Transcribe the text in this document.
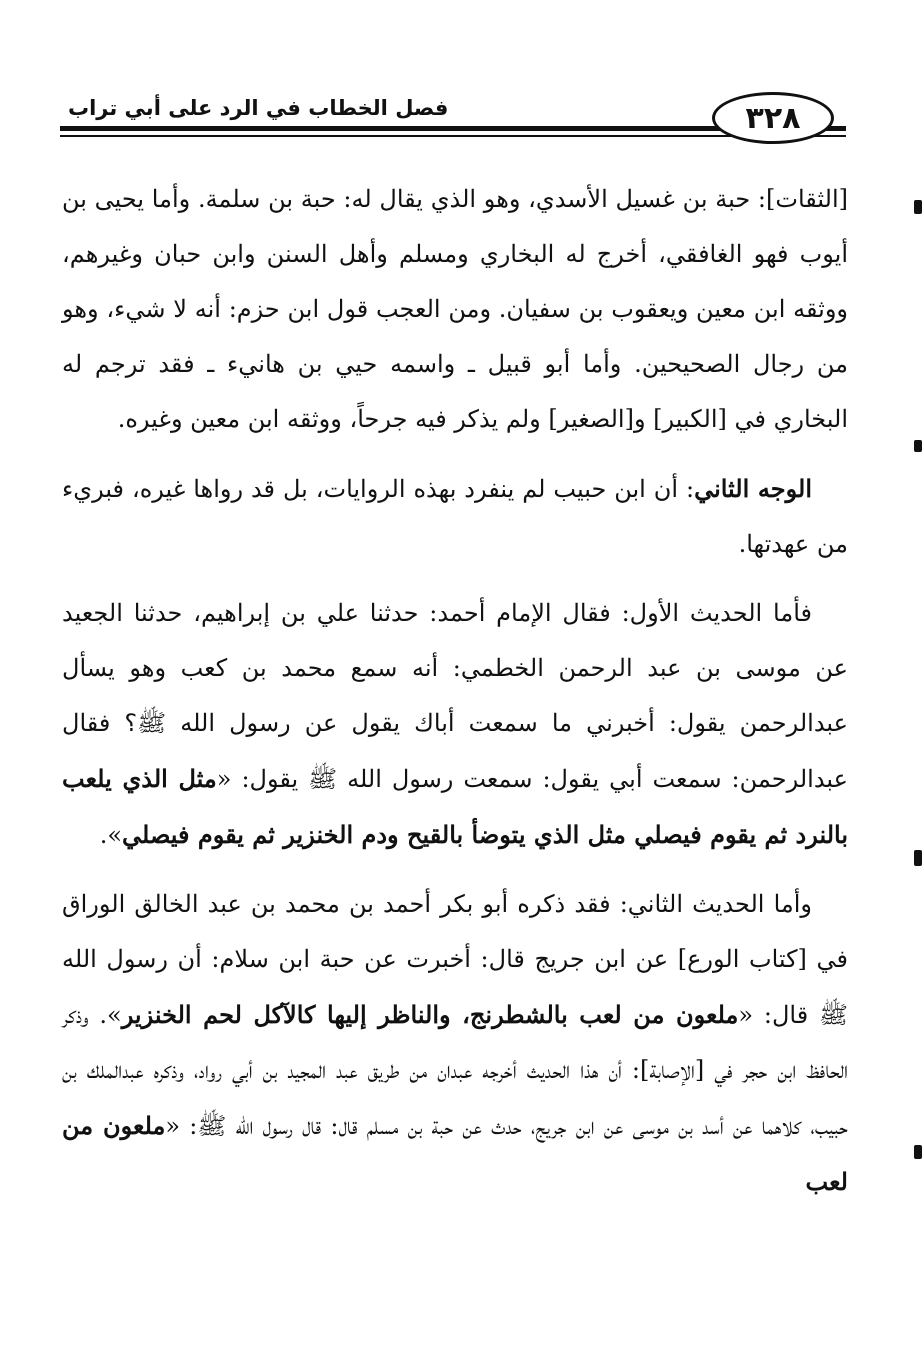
٣٢٨
فصل الخطاب في الرد على أبي تراب

[الثقات]: حبة بن غسيل الأسدي، وهو الذي يقال له: حبة بن سلمة. وأما يحيى بن أيوب فهو الغافقي، أخرج له البخاري ومسلم وأهل السنن وابن حبان وغيرهم، ووثقه ابن معين ويعقوب بن سفيان. ومن العجب قول ابن حزم: أنه لا شيء، وهو من رجال الصحيحين. وأما أبو قبيل ـ واسمه حيي بن هانيء ـ فقد ترجم له البخاري في [الكبير] و[الصغير] ولم يذكر فيه جرحاً، ووثقه ابن معين وغيره.

الوجه الثاني: أن ابن حبيب لم ينفرد بهذه الروايات، بل قد رواها غيره، فبريء من عهدتها.

فأما الحديث الأول: فقال الإمام أحمد: حدثنا علي بن إبراهيم، حدثنا الجعيد عن موسى بن عبد الرحمن الخطمي: أنه سمع محمد بن كعب وهو يسأل عبدالرحمن يقول: أخبرني ما سمعت أباك يقول عن رسول الله ﷺ؟ فقال عبدالرحمن: سمعت أبي يقول: سمعت رسول الله ﷺ يقول: «مثل الذي يلعب بالنرد ثم يقوم فيصلي مثل الذي يتوضأ بالقيح ودم الخنزير ثم يقوم فيصلي».

وأما الحديث الثاني: فقد ذكره أبو بكر أحمد بن محمد بن عبد الخالق الوراق في [كتاب الورع] عن ابن جريج قال: أخبرت عن حبة ابن سلام: أن رسول الله ﷺ قال: «ملعون من لعب بالشطرنج، والناظر إليها كالآكل لحم الخنزير». وذكر الحافظ ابن حجر في [الإصابة]: أن هذا الحديث أخرجه عبدان من طريق عبد المجيد بن أبي رواد، وذكره عبدالملك بن حبيب، كلاهما عن أسد بن موسى عن ابن جريج، حدث عن حبة بن مسلم قال: قال رسول الله ﷺ: «ملعون من لعب
